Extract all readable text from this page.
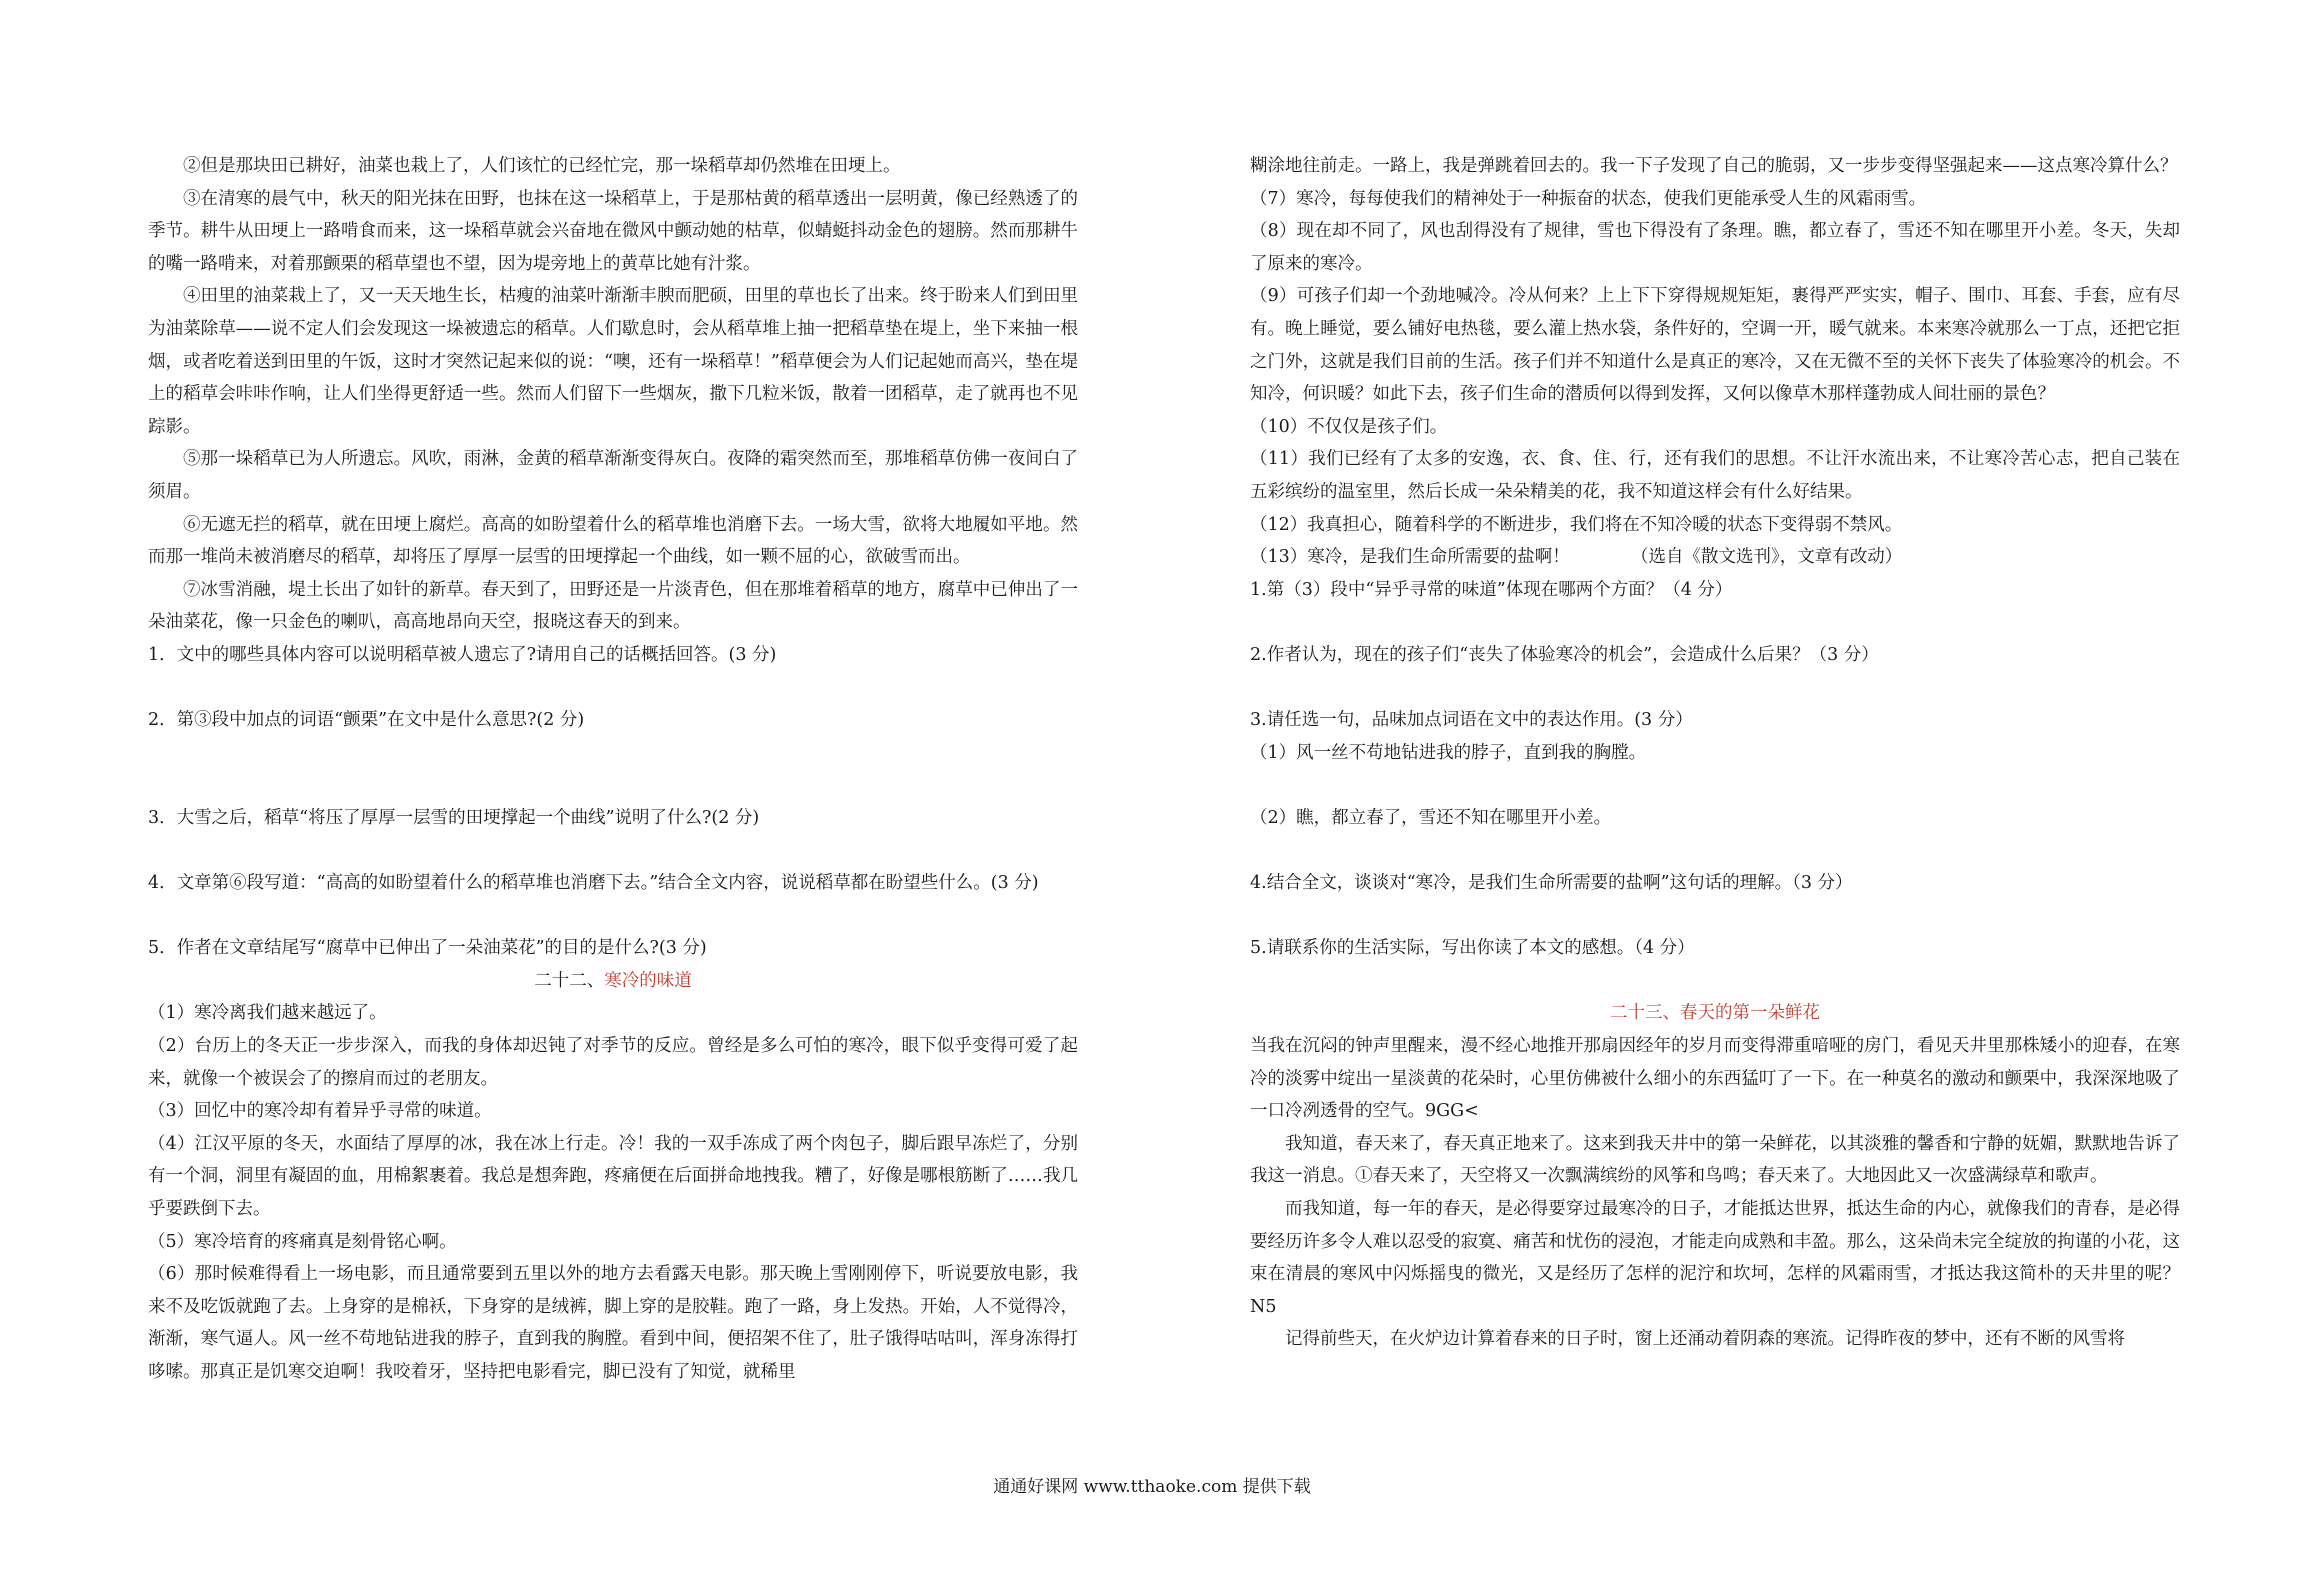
②但是那块田已耕好，油菜也栽上了，人们该忙的已经忙完，那一垛稻草却仍然堆在田埂上。

③在清寒的晨气中，秋天的阳光抹在田野，也抹在这一垛稻草上，于是那枯黄的稻草透出一层明黄，像已经熟透了的季节。耕牛从田埂上一路啃食而来，这一垛稻草就会兴奋地在微风中颤动她的枯草，似蜻蜓抖动金色的翅膀。然而那耕牛的嘴一路啃来，对着那颤栗的稻草望也不望，因为堤旁地上的黄草比她有汁浆。

④田里的油菜栽上了，又一天天地生长，枯瘦的油菜叶渐渐丰腴而肥硕，田里的草也长了出来。终于盼来人们到田里为油菜除草——说不定人们会发现这一垛被遗忘的稻草。人们歇息时，会从稻草堆上抽一把稻草垫在堤上，坐下来抽一根烟，或者吃着送到田里的午饭，这时才突然记起来似的说：“噢，还有一垛稻草！”稻草便会为人们记起她而高兴，垫在堤上的稻草会咔咔作响，让人们坐得更舒适一些。然而人们留下一些烟灰，撒下几粒米饭，散着一团稻草，走了就再也不见踪影。

⑤那一垛稻草已为人所遗忘。风吹，雨淋，金黄的稻草渐渐变得灰白。夜降的霜突然而至，那堆稻草仿佛一夜间白了须眉。

⑥无遮无拦的稻草，就在田埂上腐烂。高高的如盼望着什么的稻草堆也消磨下去。一场大雪，欲将大地履如平地。然而那一堆尚未被消磨尽的稻草，却将压了厚厚一层雪的田埂撑起一个曲线，如一颗不屈的心，欲破雪而出。

⑦冰雪消融，堤土长出了如针的新草。春天到了，田野还是一片淡青色，但在那堆着稻草的地方，腐草中已伸出了一朵油菜花，像一只金色的喇叭，高高地昂向天空，报晓这春天的到来。

1．文中的哪些具体内容可以说明稻草被人遗忘了?请用自己的话概括回答。(3 分)

2．第③段中加点的词语“颤栗”在文中是什么意思?(2 分)

3．大雪之后，稻草“将压了厚厚一层雪的田埂撑起一个曲线”说明了什么?(2 分)

4．文章第⑥段写道：“高高的如盼望着什么的稻草堆也消磨下去。”结合全文内容，说说稻草都在盼望些什么。(3 分)

5．作者在文章结尾写“腐草中已伸出了一朵油菜花”的目的是什么?(3 分)

二十二、寒冷的味道

（1）寒冷离我们越来越远了。

（2）台历上的冬天正一步步深入，而我的身体却迟钝了对季节的反应。曾经是多么可怕的寒冷，眼下似乎变得可爱了起来，就像一个被误会了的擦肩而过的老朋友。

（3）回忆中的寒冷却有着异乎寻常的味道。

（4）江汉平原的冬天，水面结了厚厚的冰，我在冰上行走。冷！我的一双手冻成了两个肉包子，脚后跟早冻烂了，分别有一个洞，洞里有凝固的血，用棉絮裹着。我总是想奔跑，疼痛便在后面拼命地拽我。糟了，好像是哪根筋断了……我几乎要跌倒下去。

（5）寒冷培育的疼痛真是刻骨铭心啊。

（6）那时候难得看上一场电影，而且通常要到五里以外的地方去看露天电影。那天晚上雪刚刚停下，听说要放电影，我来不及吃饭就跑了去。上身穿的是棉袄，下身穿的是绒裤，脚上穿的是胶鞋。跑了一路，身上发热。开始，人不觉得冷，渐渐，寒气逼人。风一丝不苟地钻进我的脖子，直到我的胸膛。看到中间，便招架不住了，肚子饿得咕咕叫，浑身冻得打哆嗦。那真正是饥寒交迫啊！我咬着牙，坚持把电影看完，脚已没有了知觉，就稀里

糊涂地往前走。一路上，我是弹跳着回去的。我一下子发现了自己的脆弱，又一步步变得坚强起来——这点寒冷算什么？

（7）寒冷，每每使我们的精神处于一种振奋的状态，使我们更能承受人生的风霜雨雪。

（8）现在却不同了，风也刮得没有了规律，雪也下得没有了条理。瞧，都立春了，雪还不知在哪里开小差。冬天，失却了原来的寒冷。

（9）可孩子们却一个劲地喊冷。冷从何来？上上下下穿得规规矩矩，裹得严严实实，帽子、围巾、耳套、手套，应有尽有。晚上睡觉，要么铺好电热毯，要么灌上热水袋，条件好的，空调一开，暖气就来。本来寒冷就那么一丁点，还把它拒之门外，这就是我们目前的生活。孩子们并不知道什么是真正的寒冷，又在无微不至的关怀下丧失了体验寒冷的机会。不知冷，何识暖？如此下去，孩子们生命的潜质何以得到发挥，又何以像草木那样蓬勃成人间壮丽的景色？

（10）不仅仅是孩子们。

（11）我们已经有了太多的安逸，衣、食、住、行，还有我们的思想。不让汗水流出来，不让寒冷苦心志，把自己装在五彩缤纷的温室里，然后长成一朵朵精美的花，我不知道这样会有什么好结果。

（12）我真担心，随着科学的不断进步，我们将在不知冷暖的状态下变得弱不禁风。

（13）寒冷，是我们生命所需要的盐啊！	（选自《散文选刊》，文章有改动）

1.第（3）段中“异乎寻常的味道”体现在哪两个方面？（4 分）

2.作者认为，现在的孩子们“丧失了体验寒冷的机会”，会造成什么后果？（3 分）

3.请任选一句，品味加点词语在文中的表达作用。(3 分）

（1）风一丝不苟地钻进我的脖子，直到我的胸膛。

（2）瞧，都立春了，雪还不知在哪里开小差。

4.结合全文，谈谈对“寒冷，是我们生命所需要的盐啊”这句话的理解。（3 分）

5.请联系你的生活实际，写出你读了本文的感想。（4 分）

二十三、春天的第一朵鲜花

当我在沉闷的钟声里醒来，漫不经心地推开那扇因经年的岁月而变得滞重喑哑的房门，看见天井里那株矮小的迎春，在寒冷的淡雾中绽出一星淡黄的花朵时，心里仿佛被什么细小的东西猛叮了一下。在一种莫名的激动和颤栗中，我深深地吸了一口冷冽透骨的空气。9GG<

我知道，春天来了，春天真正地来了。这来到我天井中的第一朵鲜花，以其淡雅的馨香和宁静的妩媚，默默地告诉了我这一消息。①春天来了，天空将又一次飘满缤纷的风筝和鸟鸣；春天来了。大地因此又一次盛满绿草和歌声。

而我知道，每一年的春天，是必得要穿过最寒冷的日子，才能抵达世界，抵达生命的内心，就像我们的青春，是必得要经历许多令人难以忍受的寂寞、痛苦和忧伤的浸泡，才能走向成熟和丰盈。那么，这朵尚未完全绽放的拘谨的小花，这束在清晨的寒风中闪烁摇曳的微光，又是经历了怎样的泥泞和坎坷，怎样的风霜雨雪，才抵达我这简朴的天井里的呢？N5

记得前些天，在火炉边计算着春来的日子时，窗上还涌动着阴森的寒流。记得昨夜的梦中，还有不断的风雪将

通通好课网 www.tthaoke.com 提供下载
